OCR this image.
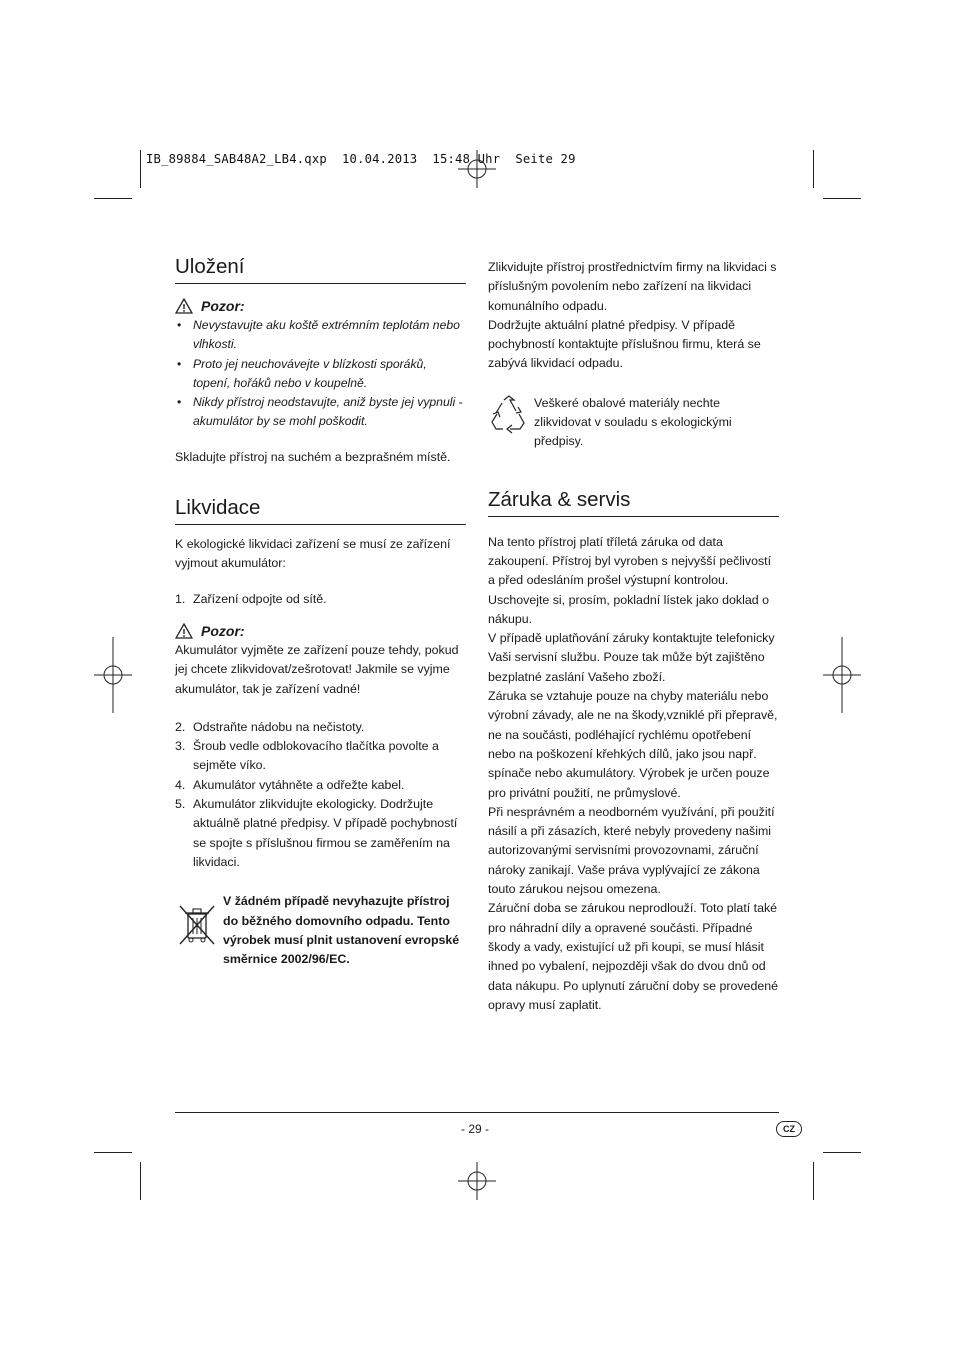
IB_89884_SAB48A2_LB4.qxp  10.04.2013  15:48 Uhr  Seite 29
Uložení
Pozor:
• Nevystavujte aku koště extrémním teplotám nebo vlhkosti.
• Proto jej neuchovávejte v blízkosti sporáků, topení, hořáků nebo v koupelně.
• Nikdy přístroj neodstavujte, aniž byste jej vypnuli - akumulátor by se mohl poškodit.

Skladujte přístroj na suchém a bezprašném místě.

Likvidace

K ekologické likvidaci zařízení se musí ze zařízení vyjmout akumulátor:

1. Zařízení odpojte od sítě.
Pozor:

Akumulátor vyjměte ze zařízení pouze tehdy, pokud jej chcete zlikvidovat/zešrotovat! Jakmile se vyjme akumulátor, tak je zařízení vadné!

2. Odstraňte nádobu na nečistoty.
3. Šroub vedle odblokovacího tlačítka povolte a sejměte víko.
4. Akumulátor vytáhněte a odřežte kabel.
5. Akumulátor zlikvidujte ekologicky. Dodržujte aktuálně platné předpisy. V případě pochybností se spojte s příslušnou firmou se zaměřením na likvidaci.

V žádném případě nevyhazujte přístroj do běžného domovního odpadu. Tento výrobek musí plnit ustanovení evropské směrnice 2002/96/EC.

Zlikvidujte přístroj prostřednictvím firmy na likvidaci s příslušným povolením nebo zařízení na likvidaci komunálního odpadu.

Dodržujte aktuální platné předpisy. V případě pochybností kontaktujte příslušnou firmu, která se zabývá likvidací odpadu.

Veškeré obalové materiály nechte zlikvidovat v souladu s ekologickými předpisy.

Záruka & servis

Na tento přístroj platí tříletá záruka od data zakoupení. Přístroj byl vyroben s nejvyšší pečlivostí a před odesláním prošel výstupní kontrolou. Uschovejte si, prosím, pokladní lístek jako doklad o nákupu.

V případě uplatňování záruky kontaktujte telefonicky Vaši servisní službu. Pouze tak může být zajištěno bezplatné zaslání Vašeho zboží.

Záruka se vztahuje pouze na chyby materiálu nebo výrobní závady, ale ne na škody,vzniklé při přepravě, ne na součásti, podléhající rychlému opotřebení nebo na poškození křehkých dílů, jako jsou např. spínače nebo akumulátory. Výrobek je určen pouze pro privátní použití, ne průmyslové.

Při nesprávném a neodborném využívání, při použití násilí a při zásazích, které nebyly provedeny našimi autorizovanými servisními provozovnami, záruční nároky zanikají. Vaše práva vyplývající ze zákona touto zárukou nejsou omezena.

Záruční doba se zárukou neprodlouží. Toto platí také pro náhradní díly a opravené součásti. Případné škody a vady, existující už při koupi, se musí hlásit ihned po vybalení, nejpozději však do dvou dnů od data nákupu. Po uplynutí záruční doby se provedené opravy musí zaplatit.

- 29 -	CZ
